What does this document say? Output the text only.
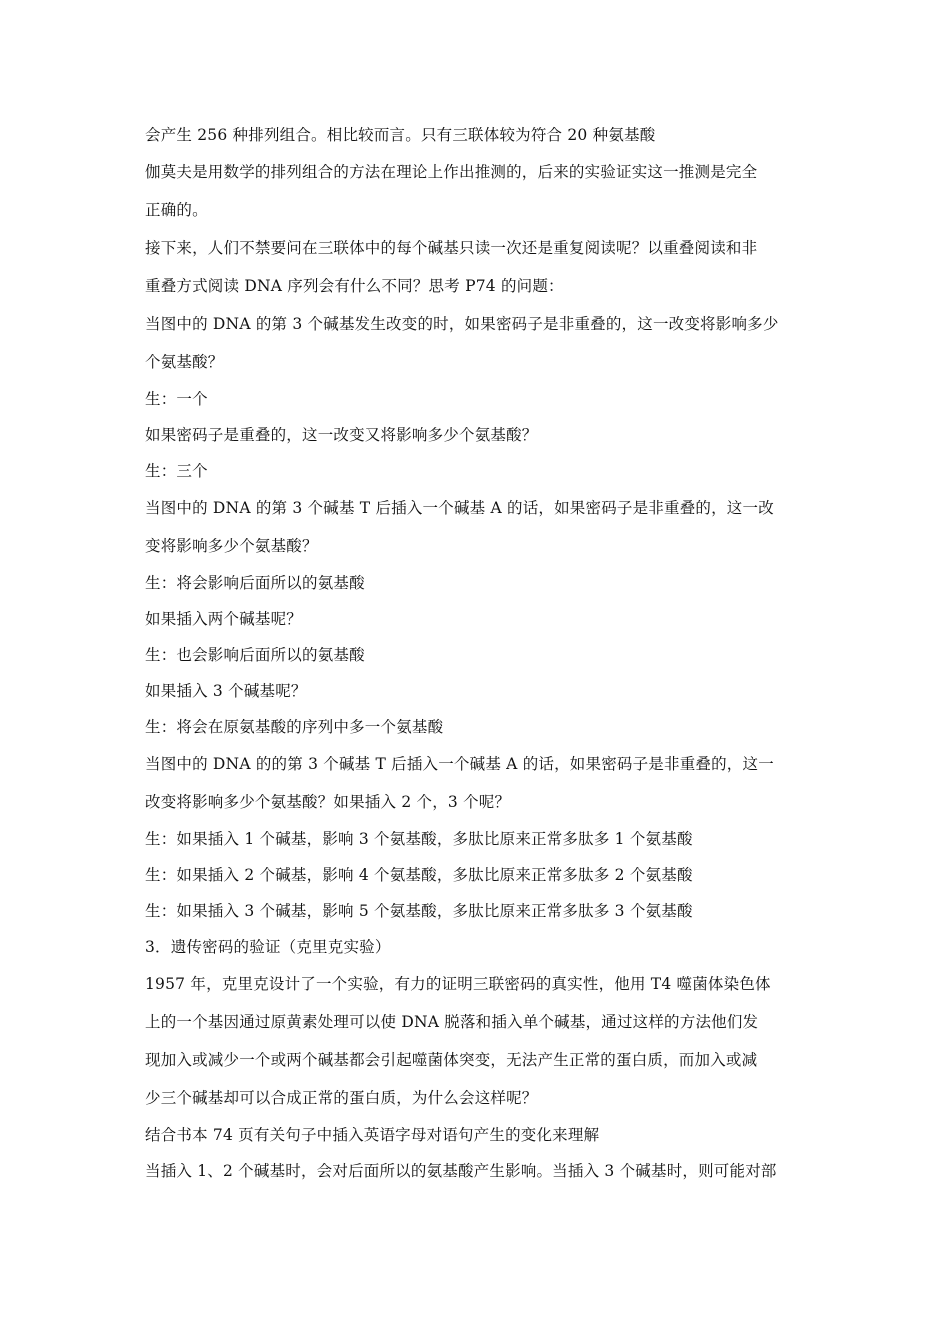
会产生 256 种排列组合。相比较而言。只有三联体较为符合 20 种氨基酸

伽莫夫是用数学的排列组合的方法在理论上作出推测的，后来的实验证实这一推测是完全
正确的。

接下来，人们不禁要问在三联体中的每个碱基只读一次还是重复阅读呢？以重叠阅读和非
重叠方式阅读 DNA 序列会有什么不同？思考 P74 的问题：

当图中的 DNA 的第 3 个碱基发生改变的时，如果密码子是非重叠的，这一改变将影响多少
个氨基酸？

生：一个

如果密码子是重叠的，这一改变又将影响多少个氨基酸？

生：三个

当图中的 DNA 的第 3 个碱基 T 后插入一个碱基 A 的话，如果密码子是非重叠的，这一改
变将影响多少个氨基酸？

生：将会影响后面所以的氨基酸

如果插入两个碱基呢？

生：也会影响后面所以的氨基酸

如果插入 3 个碱基呢？

生：将会在原氨基酸的序列中多一个氨基酸

当图中的 DNA 的的第 3 个碱基 T 后插入一个碱基 A 的话，如果密码子是非重叠的，这一
改变将影响多少个氨基酸？如果插入 2 个，3 个呢？

生：如果插入 1 个碱基，影响 3 个氨基酸，多肽比原来正常多肽多 1 个氨基酸

生：如果插入 2 个碱基，影响 4 个氨基酸，多肽比原来正常多肽多 2 个氨基酸

生：如果插入 3 个碱基，影响 5 个氨基酸，多肽比原来正常多肽多 3 个氨基酸

3．遗传密码的验证（克里克实验）

1957 年，克里克设计了一个实验，有力的证明三联密码的真实性，他用 T4 噬菌体染色体
上的一个基因通过原黄素处理可以使 DNA 脱落和插入单个碱基，通过这样的方法他们发
现加入或减少一个或两个碱基都会引起噬菌体突变，无法产生正常的蛋白质，而加入或减
少三个碱基却可以合成正常的蛋白质，为什么会这样呢？

结合书本 74 页有关句子中插入英语字母对语句产生的变化来理解

当插入 1、2 个碱基时，会对后面所以的氨基酸产生影响。当插入 3 个碱基时，则可能对部
